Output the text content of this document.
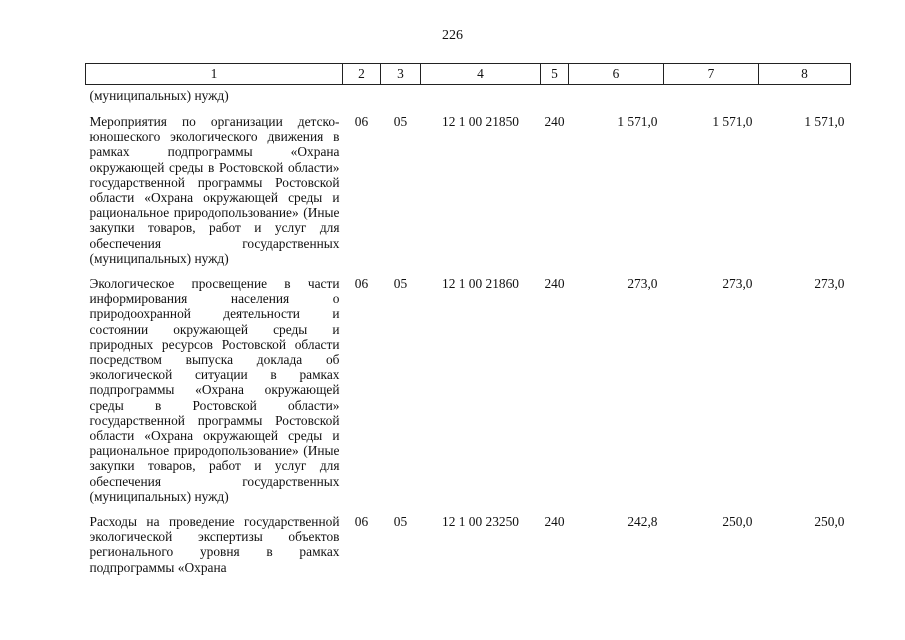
226
1	2	3	4	5	6	7	8
(муниципальных) нужд)							
Мероприятия по организации детско-юношеского экологического движения в рамках подпрограммы «Охрана окружающей среды в Ростовской области» государственной программы Ростовской области «Охрана окружающей среды и рациональное природопользование» (Иные закупки товаров, работ и услуг для обеспечения государственных (муниципальных) нужд)	06	05	12 1 00 21850	240	1 571,0	1 571,0	1 571,0
Экологическое просвещение в части информирования населения о природоохранной деятельности и состоянии окружающей среды и природных ресурсов Ростовской области посредством выпуска доклада об экологической ситуации в рамках подпрограммы «Охрана окружающей среды в Ростовской области» государственной программы Ростовской области «Охрана окружающей среды и рациональное природопользование» (Иные закупки товаров, работ и услуг для обеспечения государственных (муниципальных) нужд)	06	05	12 1 00 21860	240	273,0	273,0	273,0
Расходы на проведение государственной экологической экспертизы объектов регионального уровня в рамках подпрограммы «Охрана	06	05	12 1 00 23250	240	242,8	250,0	250,0
